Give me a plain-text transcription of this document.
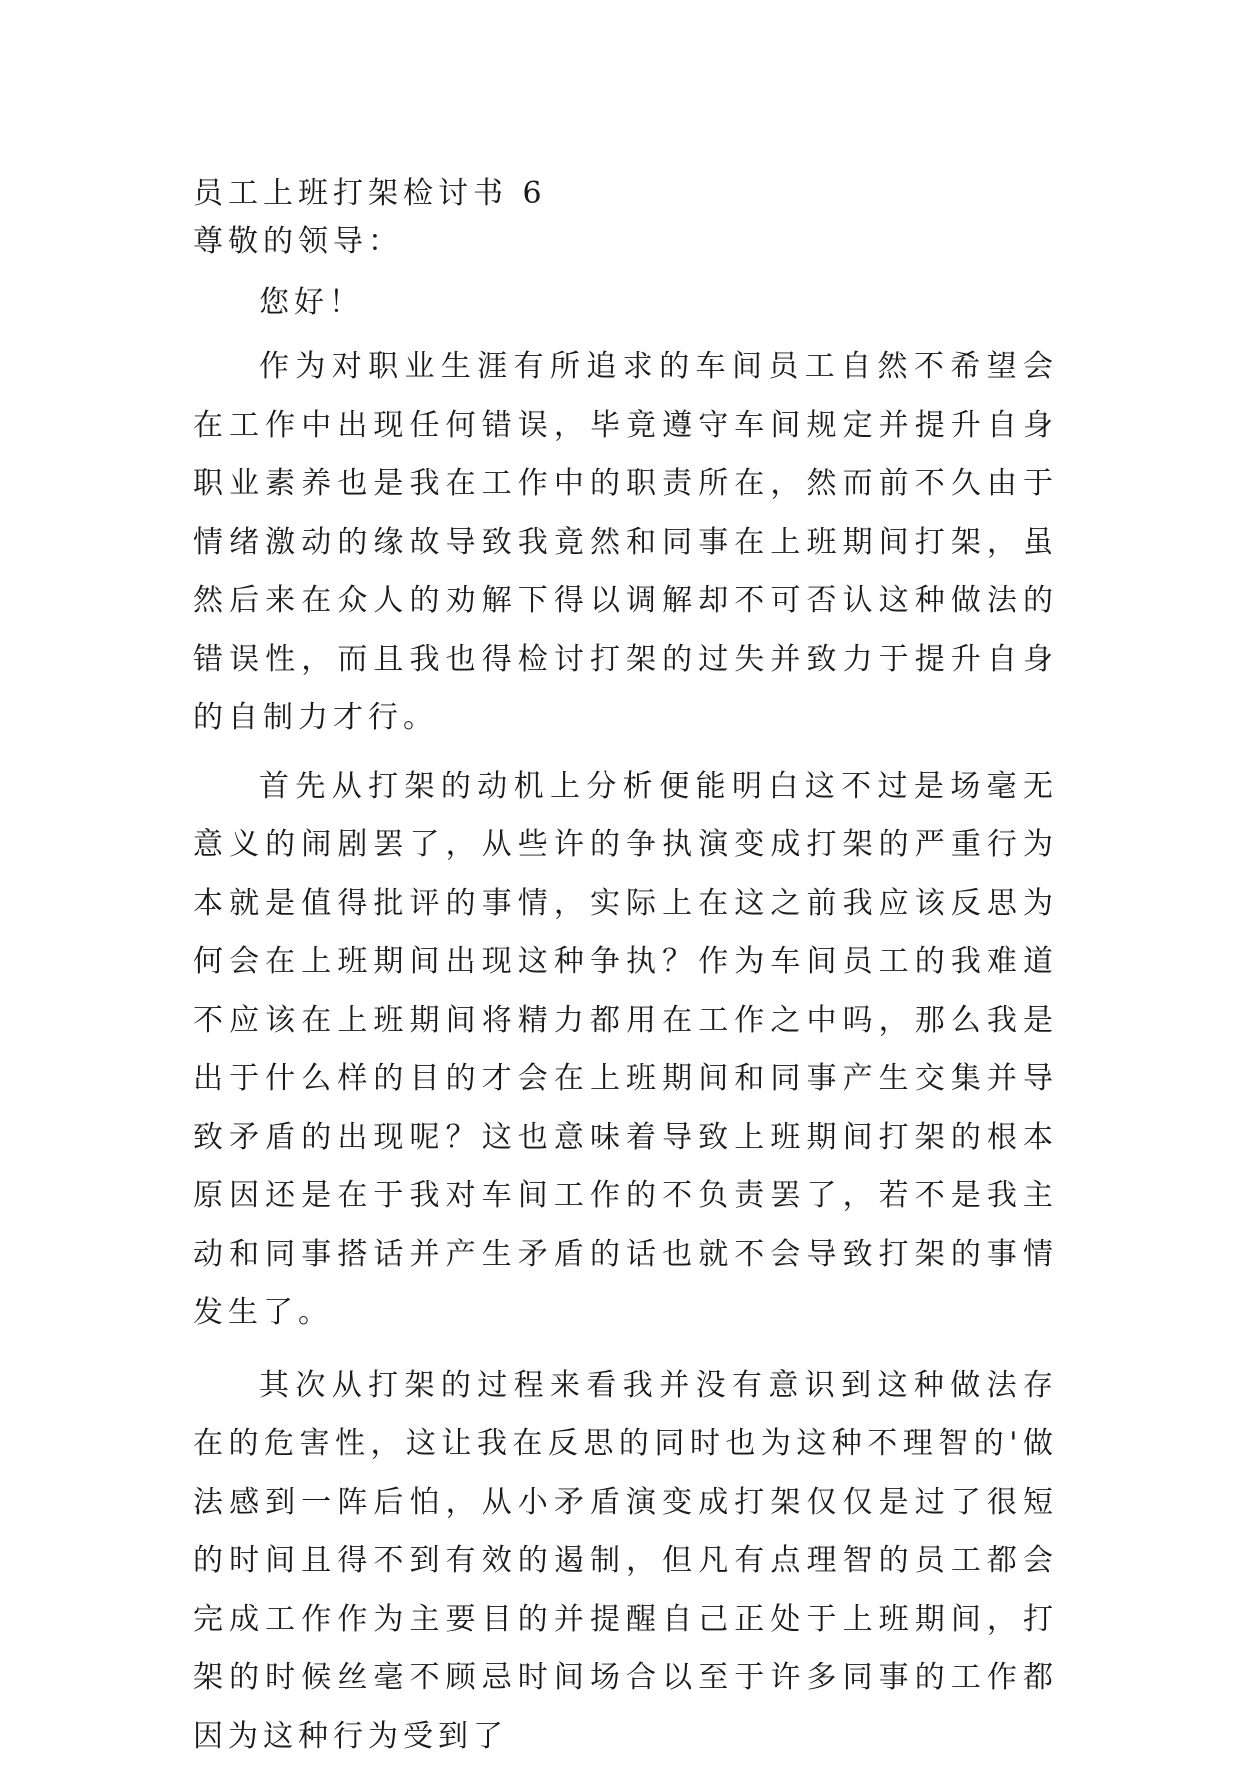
员工上班打架检讨书 6

尊敬的领导：

您好！

作为对职业生涯有所追求的车间员工自然不希望会在工作中出现任何错误，毕竟遵守车间规定并提升自身职业素养也是我在工作中的职责所在，然而前不久由于情绪激动的缘故导致我竟然和同事在上班期间打架，虽然后来在众人的劝解下得以调解却不可否认这种做法的错误性，而且我也得检讨打架的过失并致力于提升自身的自制力才行。

首先从打架的动机上分析便能明白这不过是场毫无意义的闹剧罢了，从些许的争执演变成打架的严重行为本就是值得批评的事情，实际上在这之前我应该反思为何会在上班期间出现这种争执？作为车间员工的我难道不应该在上班期间将精力都用在工作之中吗，那么我是出于什么样的目的才会在上班期间和同事产生交集并导致矛盾的出现呢？这也意味着导致上班期间打架的根本原因还是在于我对车间工作的不负责罢了，若不是我主动和同事搭话并产生矛盾的话也就不会导致打架的事情发生了。

其次从打架的过程来看我并没有意识到这种做法存在的危害性，这让我在反思的同时也为这种不理智的'做法感到一阵后怕，从小矛盾演变成打架仅仅是过了很短的时间且得不到有效的遏制，但凡有点理智的员工都会完成工作作为主要目的并提醒自己正处于上班期间，打架的时候丝毫不顾忌时间场合以至于许多同事的工作都因为这种行为受到了
